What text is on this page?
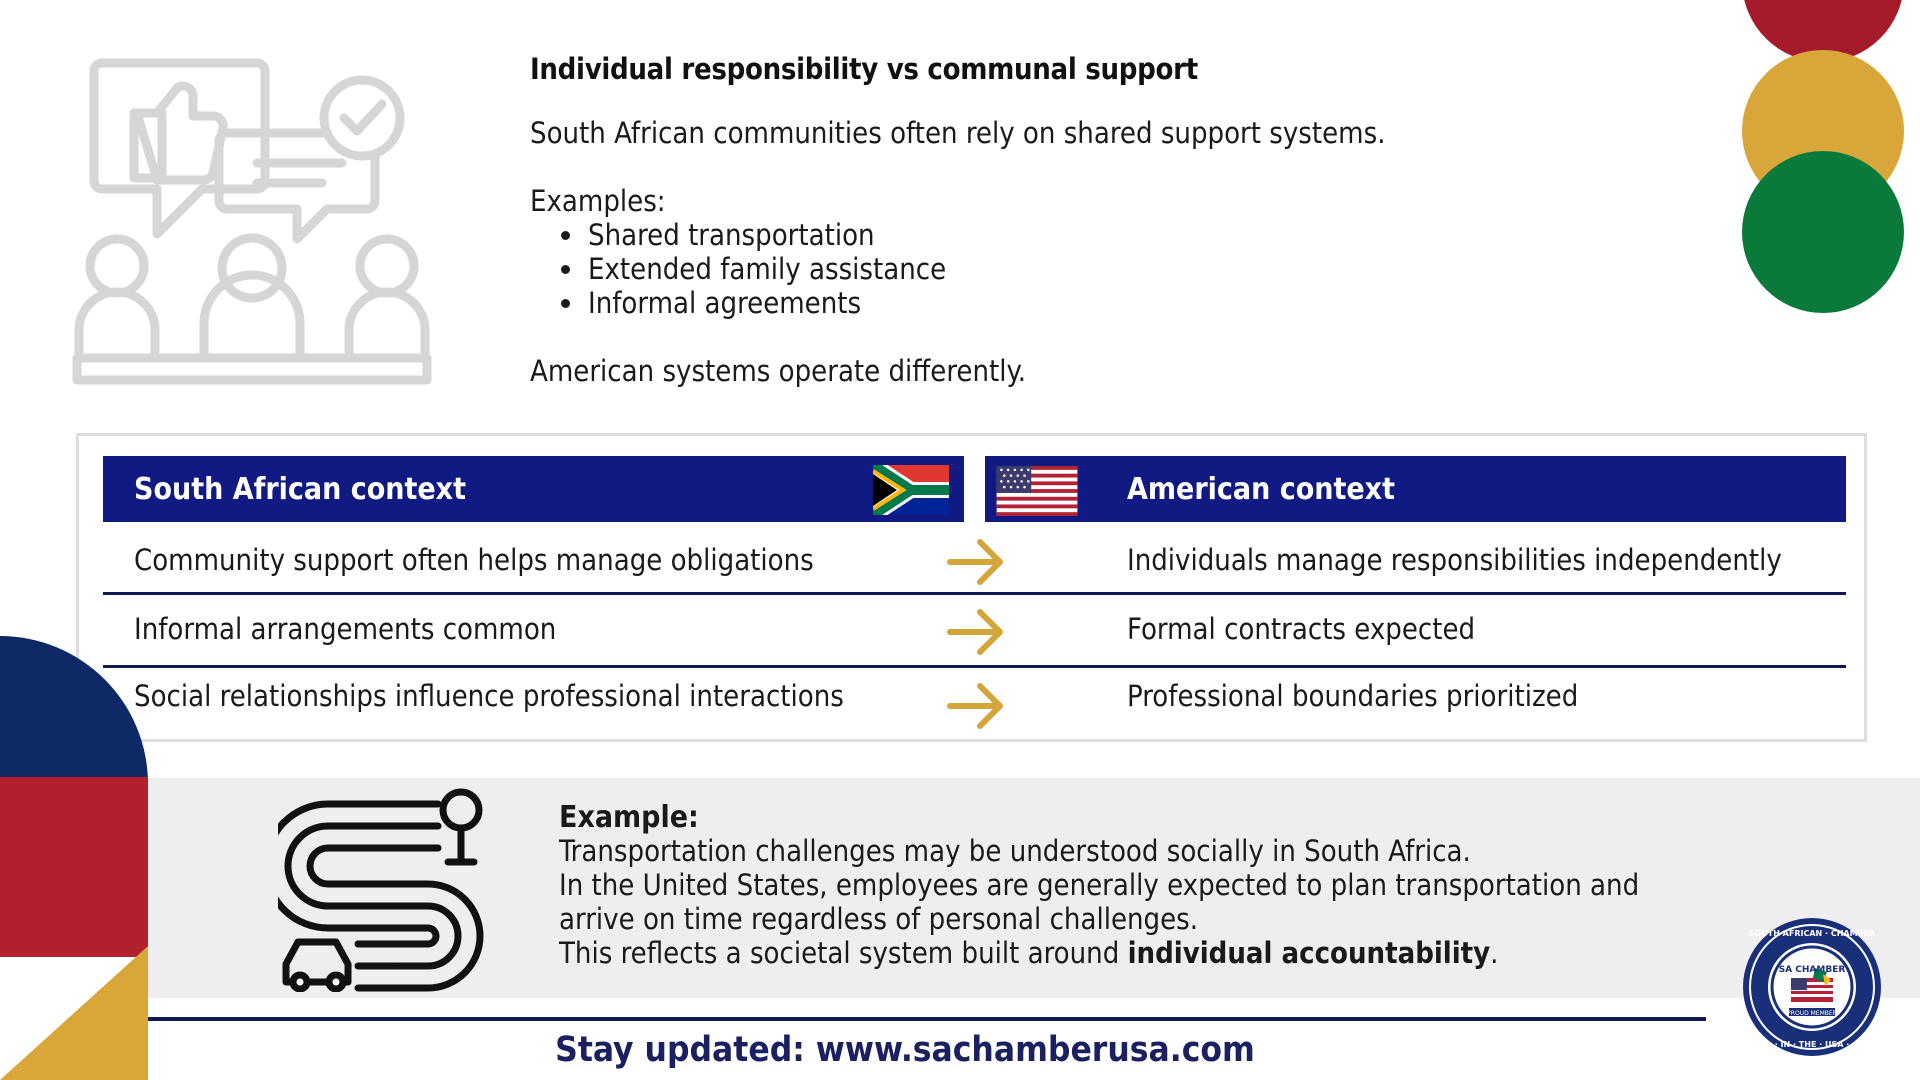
Individual responsibility vs communal support
South African communities often rely on shared support systems.
Examples:
• Shared transportation
• Extended family assistance
• Informal agreements
American systems operate differently.
South African context	American context
Community support often helps manage obligations	Individuals manage responsibilities independently
Informal arrangements common	Formal contracts expected
Social relationships influence professional interactions	Professional boundaries prioritized
Example:
Transportation challenges may be understood socially in South Africa.
In the United States, employees are generally expected to plan transportation and arrive on time regardless of personal challenges.
This reflects a societal system built around individual accountability.
Stay updated: www.sachamberusa.com
PROUD MEMBER
SA CHAMBER
SOUTH AFRICAN · CHAMBER
· IN · THE · USA ·
